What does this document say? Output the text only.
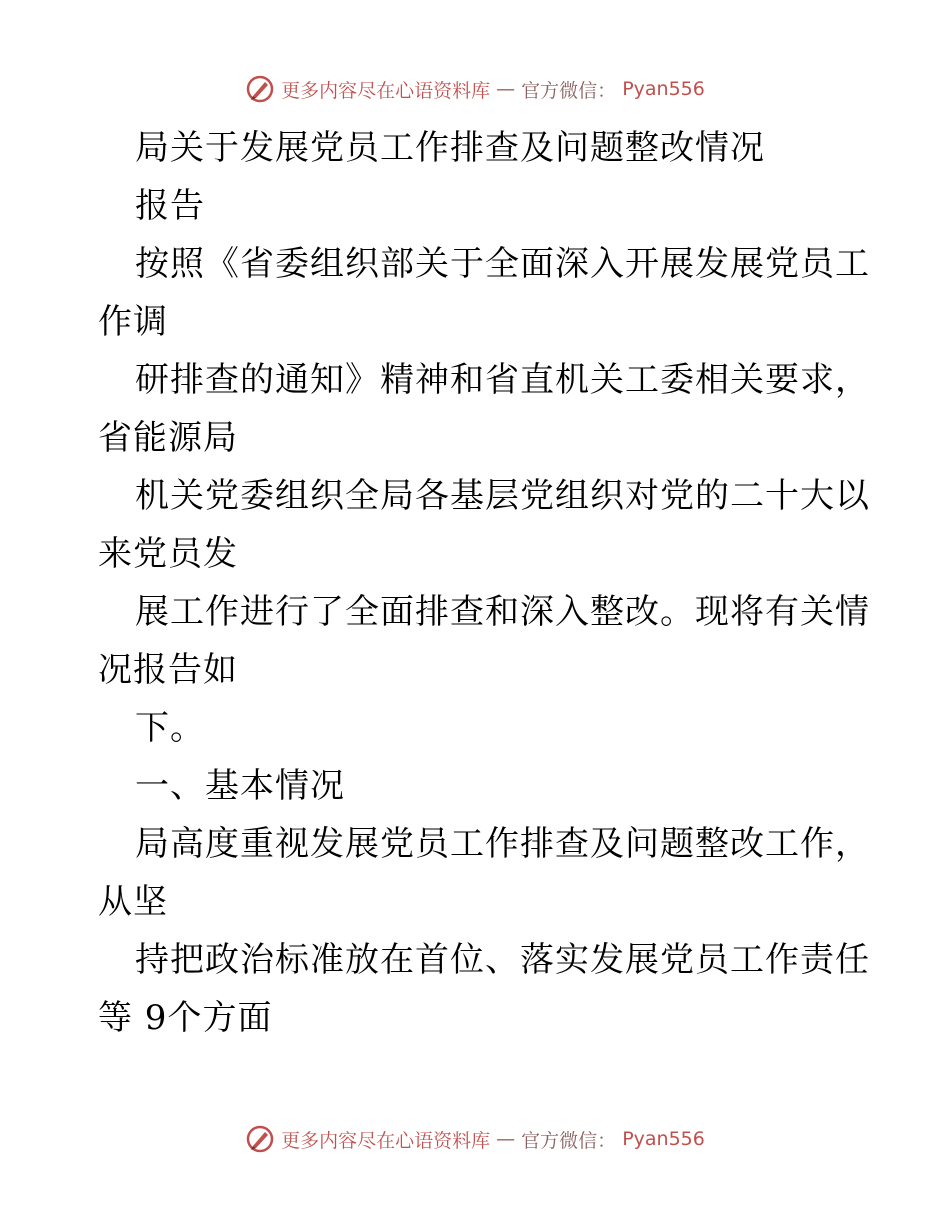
更多内容尽在心语资料库 — 官方微信： Pyan556
局关于发展党员工作排查及问题整改情况
报告
按照《省委组织部关于全面深入开展发展党员工
作调
研排查的通知》精神和省直机关工委相关要求，
省能源局
机关党委组织全局各基层党组织对党的二十大以
来党员发
展工作进行了全面排查和深入整改。现将有关情
况报告如
下。
一、基本情况
局高度重视发展党员工作排查及问题整改工作，
从坚
持把政治标准放在首位、落实发展党员工作责任
等 9个方面
更多内容尽在心语资料库 — 官方微信： Pyan556
